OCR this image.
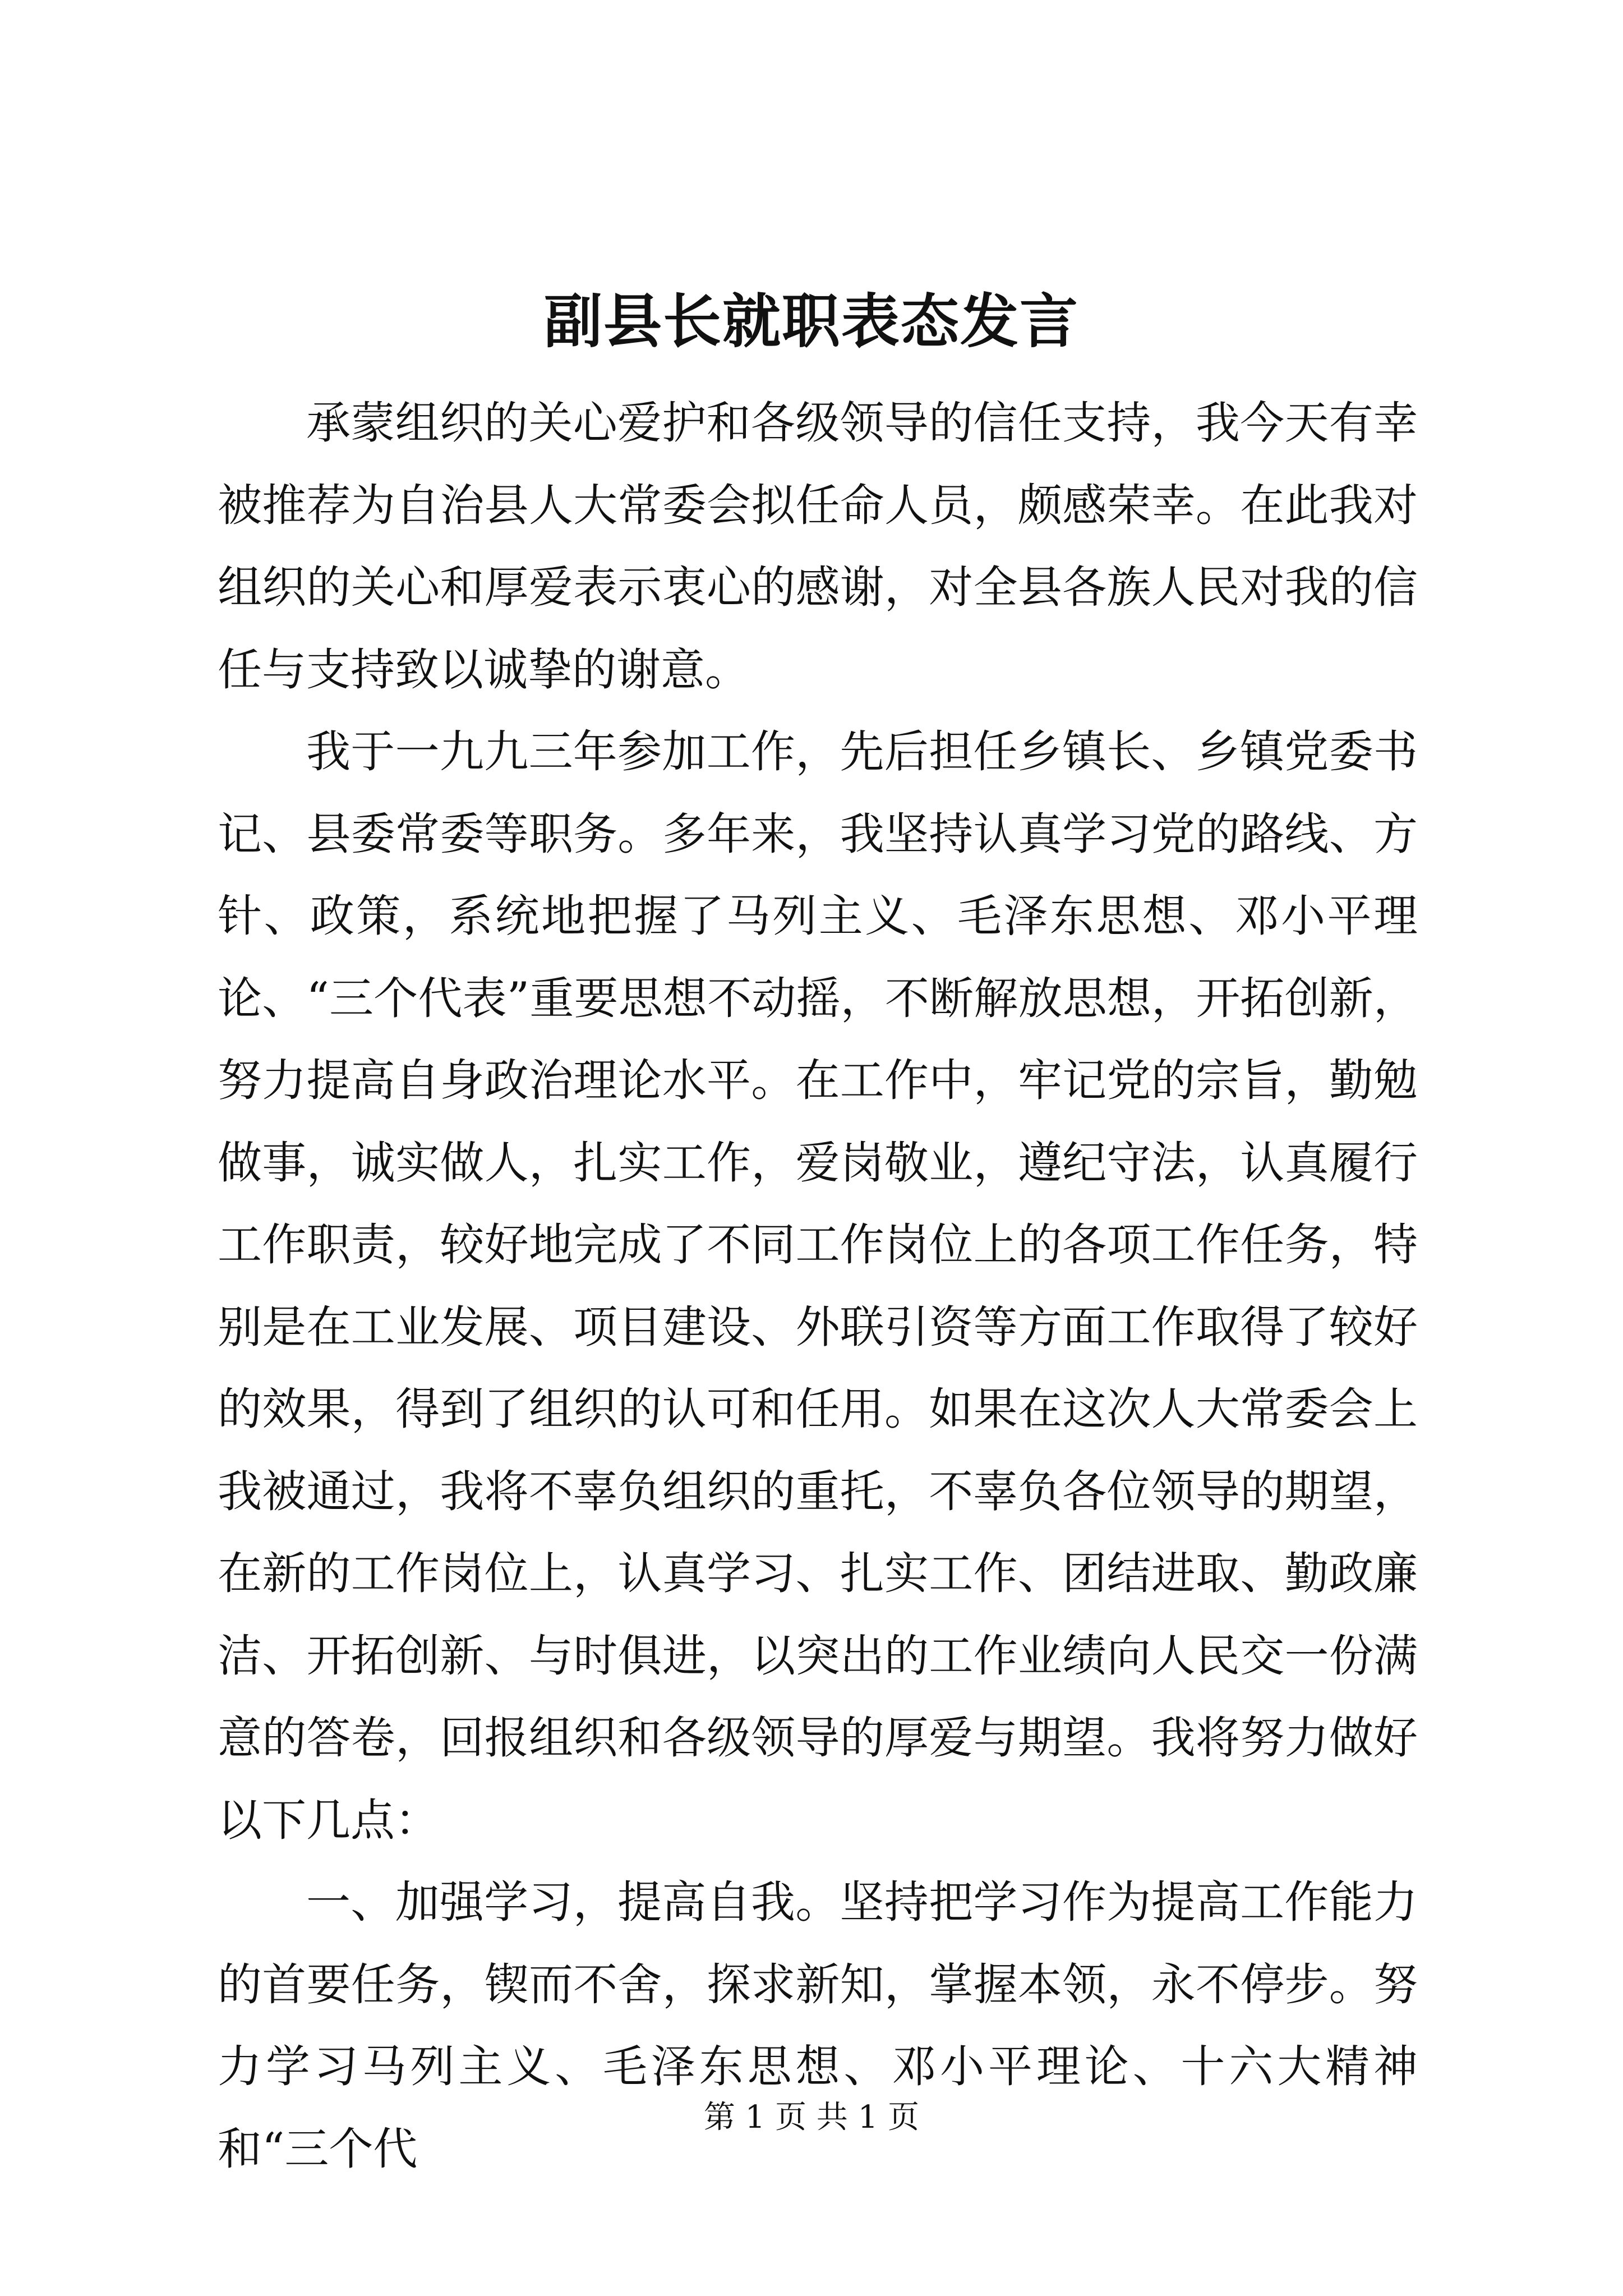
副县长就职表态发言

承蒙组织的关心爱护和各级领导的信任支持，我今天有幸被推荐为自治县人大常委会拟任命人员，颇感荣幸。在此我对组织的关心和厚爱表示衷心的感谢，对全县各族人民对我的信任与支持致以诚挚的谢意。

我于一九九三年参加工作，先后担任乡镇长、乡镇党委书记、县委常委等职务。多年来，我坚持认真学习党的路线、方针、政策，系统地把握了马列主义、毛泽东思想、邓小平理论、“三个代表”重要思想不动摇，不断解放思想，开拓创新，努力提高自身政治理论水平。在工作中，牢记党的宗旨，勤勉做事，诚实做人，扎实工作，爱岗敬业，遵纪守法，认真履行工作职责，较好地完成了不同工作岗位上的各项工作任务，特别是在工业发展、项目建设、外联引资等方面工作取得了较好的效果，得到了组织的认可和任用。如果在这次人大常委会上我被通过，我将不辜负组织的重托，不辜负各位领导的期望，在新的工作岗位上，认真学习、扎实工作、团结进取、勤政廉洁、开拓创新、与时俱进，以突出的工作业绩向人民交一份满意的答卷，回报组织和各级领导的厚爱与期望。我将努力做好以下几点：

一、加强学习，提高自我。坚持把学习作为提高工作能力的首要任务，锲而不舍，探求新知，掌握本领，永不停步。努力学习马列主义、毛泽东思想、邓小平理论、十六大精神和“三个代

第 1 页 共 1 页
